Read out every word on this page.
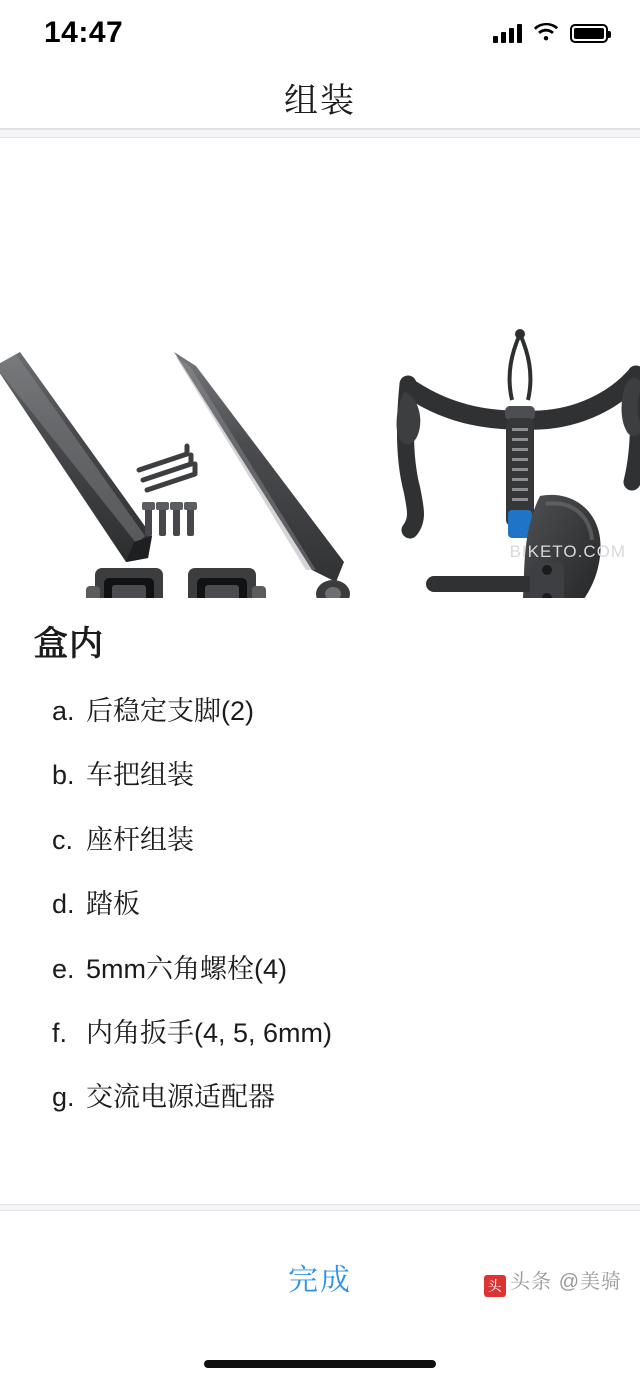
14:47
组装
BIKETO.COM
盒内
a. 后稳定支脚(2)
b. 车把组装
c. 座杆组装
d. 踏板
e. 5mm六角螺栓(4)
f. 内角扳手(4, 5, 6mm)
g. 交流电源适配器
完成	头 头条 @美骑
